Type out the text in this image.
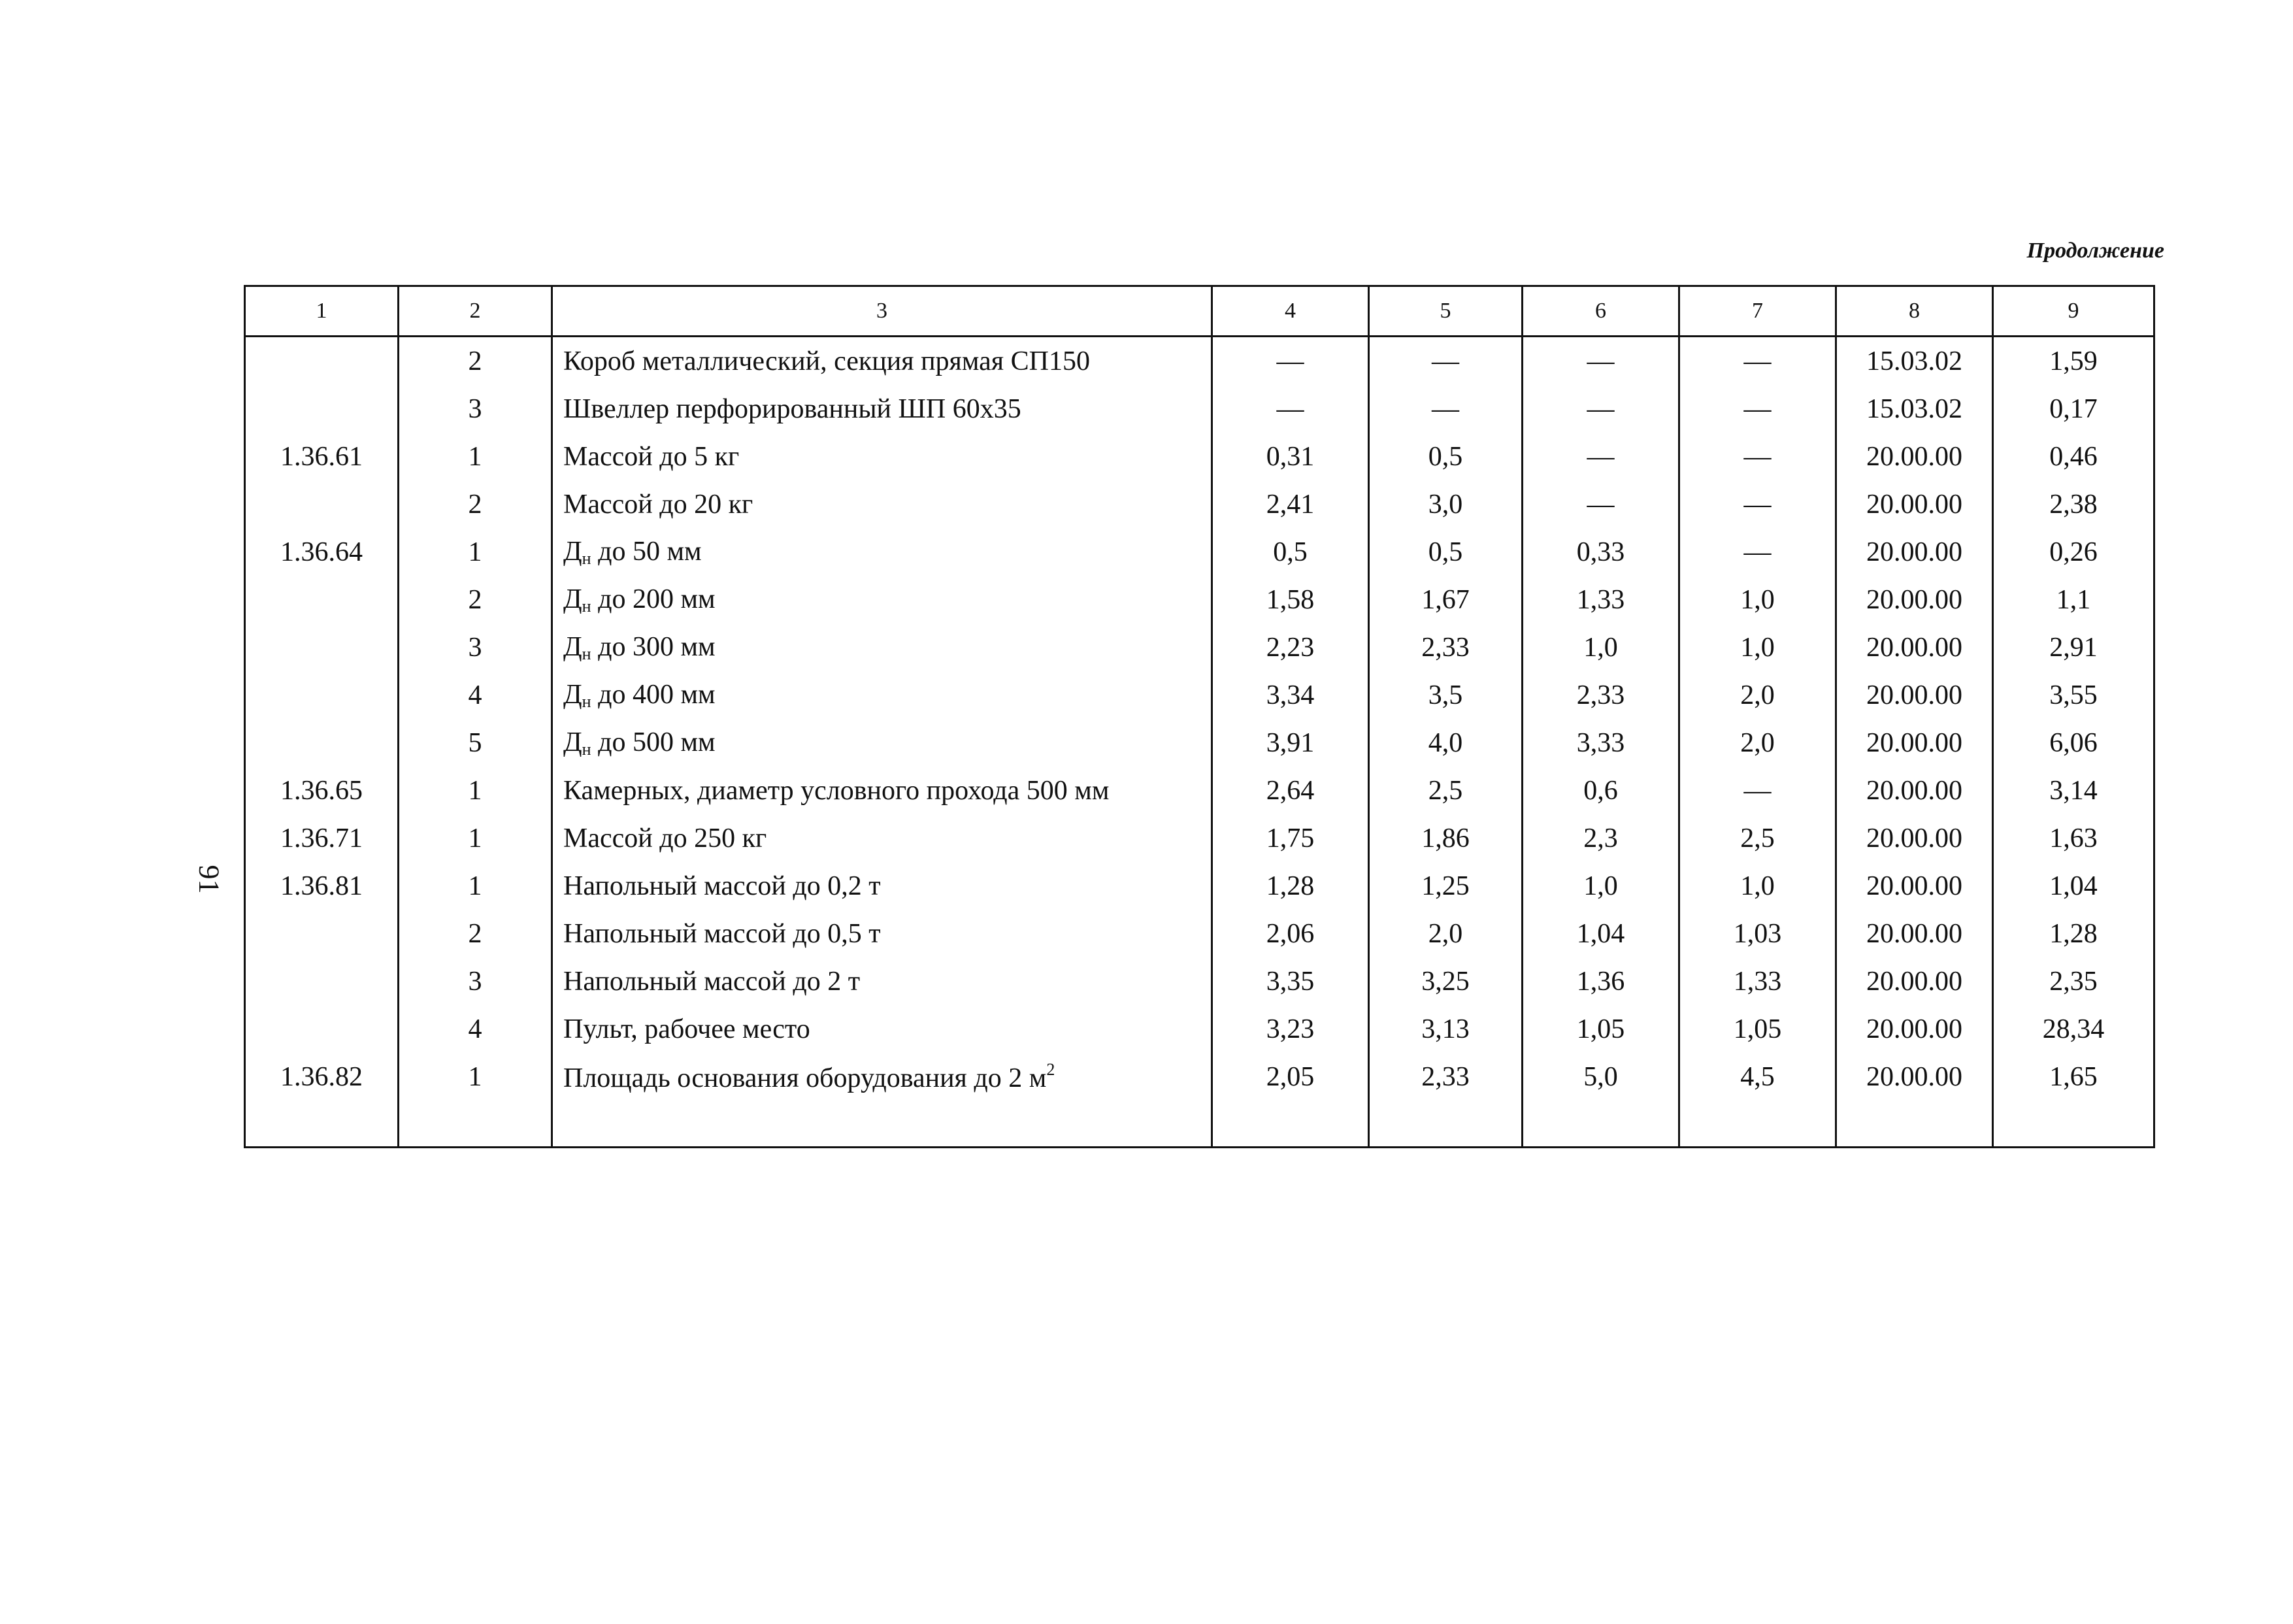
Продолжение
91
1	2	3	4	5	6	7	8	9
	2	Короб металлический, секция прямая СП150	—	—	—	—	15.03.02	1,59
	3	Швеллер перфорированный ШП 60х35	—	—	—	—	15.03.02	0,17
1.36.61	1	Массой до 5 кг	0,31	0,5	—	—	20.00.00	0,46
	2	Массой до 20 кг	2,41	3,0	—	—	20.00.00	2,38
1.36.64	1	$Д_н$ до 50 мм	0,5	0,5	0,33	—	20.00.00	0,26
	2	$Д_н$ до 200 мм	1,58	1,67	1,33	1,0	20.00.00	1,1
	3	$Д_н$ до 300 мм	2,23	2,33	1,0	1,0	20.00.00	2,91
	4	$Д_н$ до 400 мм	3,34	3,5	2,33	2,0	20.00.00	3,55
	5	$Д_н$ до 500 мм	3,91	4,0	3,33	2,0	20.00.00	6,06
1.36.65	1	Камерных, диаметр условного прохода 500 мм	2,64	2,5	0,6	—	20.00.00	3,14
1.36.71	1	Массой до 250 кг	1,75	1,86	2,3	2,5	20.00.00	1,63
1.36.81	1	Напольный массой до 0,2 т	1,28	1,25	1,0	1,0	20.00.00	1,04
	2	Напольный массой до 0,5 т	2,06	2,0	1,04	1,03	20.00.00	1,28
	3	Напольный массой до 2 т	3,35	3,25	1,36	1,33	20.00.00	2,35
	4	Пульт, рабочее место	3,23	3,13	1,05	1,05	20.00.00	28,34
1.36.82	1	Площадь основания оборудования до 2 $м^2$	2,05	2,33	5,0	4,5	20.00.00	1,65
